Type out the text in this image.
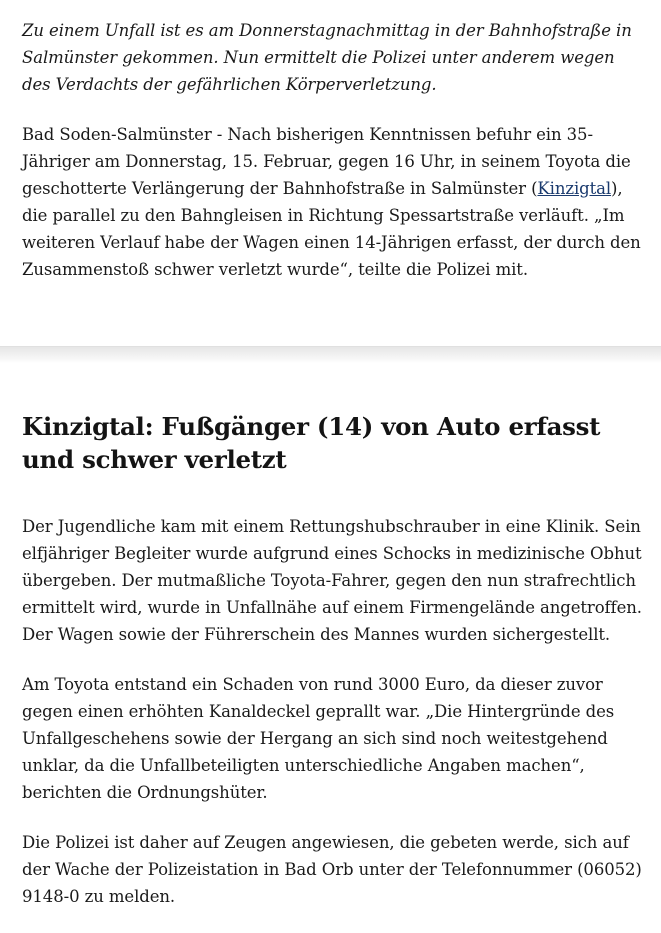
Zu einem Unfall ist es am Donnerstagnachmittag in der Bahnhofstraße in Salmünster gekommen. Nun ermittelt die Polizei unter anderem wegen des Verdachts der gefährlichen Körperverletzung.

Bad Soden-Salmünster - Nach bisherigen Kenntnissen befuhr ein 35-Jähriger am Donnerstag, 15. Februar, gegen 16 Uhr, in seinem Toyota die geschotterte Verlängerung der Bahnhofstraße in Salmünster (Kinzigtal), die parallel zu den Bahngleisen in Richtung Spessartstraße verläuft. „Im weiteren Verlauf habe der Wagen einen 14-Jährigen erfasst, der durch den Zusammenstoß schwer verletzt wurde“, teilte die Polizei mit.

Kinzigtal: Fußgänger (14) von Auto erfasst und schwer verletzt

Der Jugendliche kam mit einem Rettungshubschrauber in eine Klinik. Sein elfjähriger Begleiter wurde aufgrund eines Schocks in medizinische Obhut übergeben. Der mutmaßliche Toyota-Fahrer, gegen den nun strafrechtlich ermittelt wird, wurde in Unfallnähe auf einem Firmengelände angetroffen. Der Wagen sowie der Führerschein des Mannes wurden sichergestellt.

Am Toyota entstand ein Schaden von rund 3000 Euro, da dieser zuvor gegen einen erhöhten Kanaldeckel geprallt war. „Die Hintergründe des Unfallgeschehens sowie der Hergang an sich sind noch weitestgehend unklar, da die Unfallbeteiligten unterschiedliche Angaben machen“, berichten die Ordnungshüter.

Die Polizei ist daher auf Zeugen angewiesen, die gebeten werde, sich auf der Wache der Polizeistation in Bad Orb unter der Telefonnummer (06052) 9148-0 zu melden.
